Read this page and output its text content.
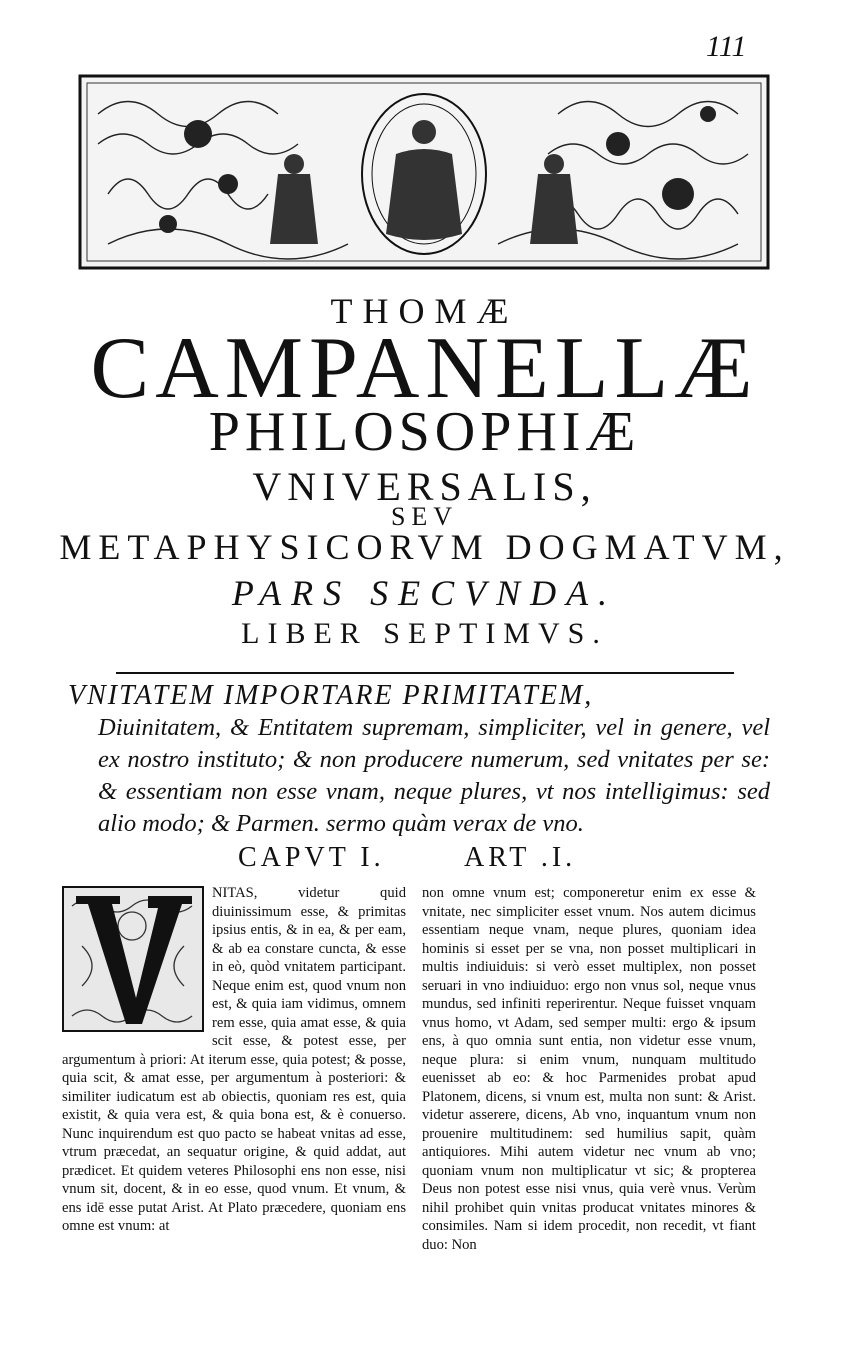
111
THOMÆ
CAMPANELLÆ
PHILOSOPHIÆ
VNIVERSALIS,
SEV
METAPHYSICORVM DOGMATVM,
PARS SECVNDA.
LIBER SEPTIMVS.
VNITATEM IMPORTARE PRIMITATEM,
Diuinitatem, & Entitatem supremam, simpliciter, vel in genere, vel ex nostro instituto; & non producere numerum, sed vnitates per se: & essentiam non esse vnam, neque plures, vt nos intelligimus: sed alio modo; & Parmen. sermo quàm verax de vno.
CAPVT I.	ART .I.

NITAS, videtur quid diuinissimum esse, & primitas ipsius entis, & in ea, & per eam, & ab ea constare cuncta, & esse in eò, quòd vnitatem participant. Neque enim est, quod vnum non est, & quia iam vidimus, omnem rem esse, quia amat esse, & quia scit esse, & potest esse, per argumentum à priori: At iterum esse, quia potest; & posse, quia scit, & amat esse, per argumentum à posteriori: & similiter iudicatum est ab obiectis, quoniam res est, quia existit, & quia vera est, & quia bona est, & è conuerso. Nunc inquirendum est quo pacto se habeat vnitas ad esse, vtrum præcedat, an sequatur origine, & quid addat, aut prædicet. Et quidem veteres Philosophi ens non esse, nisi vnum sit, docent, & in eo esse, quod vnum. Et vnum, & ens idē esse putat Arist. At Plato præcedere, quoniam ens omne est vnum: at

non omne vnum est; componeretur enim ex esse & vnitate, nec simpliciter esset vnum. Nos autem dicimus essentiam neque vnam, neque plures, quoniam idea hominis si esset per se vna, non posset multiplicari in multis indiuiduis: si verò esset multiplex, non posset seruari in vno indiuiduo: ergo non vnus sol, neque vnus mundus, sed infiniti reperirentur. Neque fuisset vnquam vnus homo, vt Adam, sed semper multi: ergo & ipsum ens, à quo omnia sunt entia, non videtur esse vnum, neque plura: si enim vnum, nunquam multitudo euenisset ab eo: & hoc Parmenides probat apud Platonem, dicens, si vnum est, multa non sunt: & Arist. videtur asserere, dicens, Ab vno, inquantum vnum non prouenire multitudinem: sed humilius sapit, quàm antiquiores. Mihi autem videtur nec vnum ab vno; quoniam vnum non multiplicatur vt sic; & propterea Deus non potest esse nisi vnus, quia verè vnus. Verùm nihil prohibet quin vnitas producat vnitates minores & consimiles. Nam si idem procedit, non recedit, vt fiant duo: Non
